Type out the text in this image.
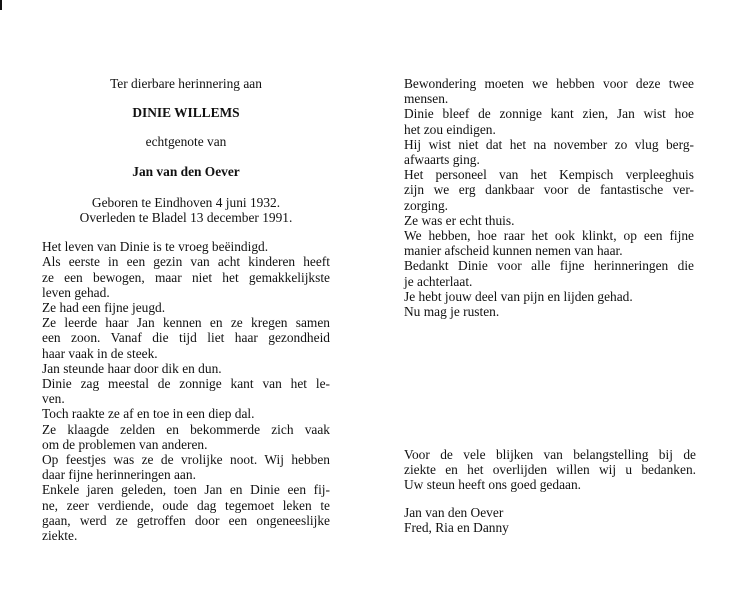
Ter dierbare herinnering aan
DINIE WILLEMS
echtgenote van
Jan van den Oever
Geboren te Eindhoven 4 juni 1932.
Overleden te Bladel 13 december 1991.
Het leven van Dinie is te vroeg beëindigd.
Als eerste in een gezin van acht kinderen heeft
ze een bewogen, maar niet het gemakkelijkste
leven gehad.
Ze had een fijne jeugd.
Ze leerde haar Jan kennen en ze kregen samen
een zoon. Vanaf die tijd liet haar gezondheid
haar vaak in de steek.
Jan steunde haar door dik en dun.
Dinie zag meestal de zonnige kant van het le-
ven.
Toch raakte ze af en toe in een diep dal.
Ze klaagde zelden en bekommerde zich vaak
om de problemen van anderen.
Op feestjes was ze de vrolijke noot. Wij hebben
daar fijne herinneringen aan.
Enkele jaren geleden, toen Jan en Dinie een fij-
ne, zeer verdiende, oude dag tegemoet leken te
gaan, werd ze getroffen door een ongeneeslijke
ziekte.
Bewondering moeten we hebben voor deze twee
mensen.
Dinie bleef de zonnige kant zien, Jan wist hoe
het zou eindigen.
Hij wist niet dat het na november zo vlug berg-
afwaarts ging.
Het personeel van het Kempisch verpleeghuis
zijn we erg dankbaar voor de fantastische ver-
zorging.
Ze was er echt thuis.
We hebben, hoe raar het ook klinkt, op een fijne
manier afscheid kunnen nemen van haar.
Bedankt Dinie voor alle fijne herinneringen die
je achterlaat.
Je hebt jouw deel van pijn en lijden gehad.
Nu mag je rusten.
Voor de vele blijken van belangstelling bij de
ziekte en het overlijden willen wij u bedanken.
Uw steun heeft ons goed gedaan.
Jan van den Oever
Fred, Ria en Danny
